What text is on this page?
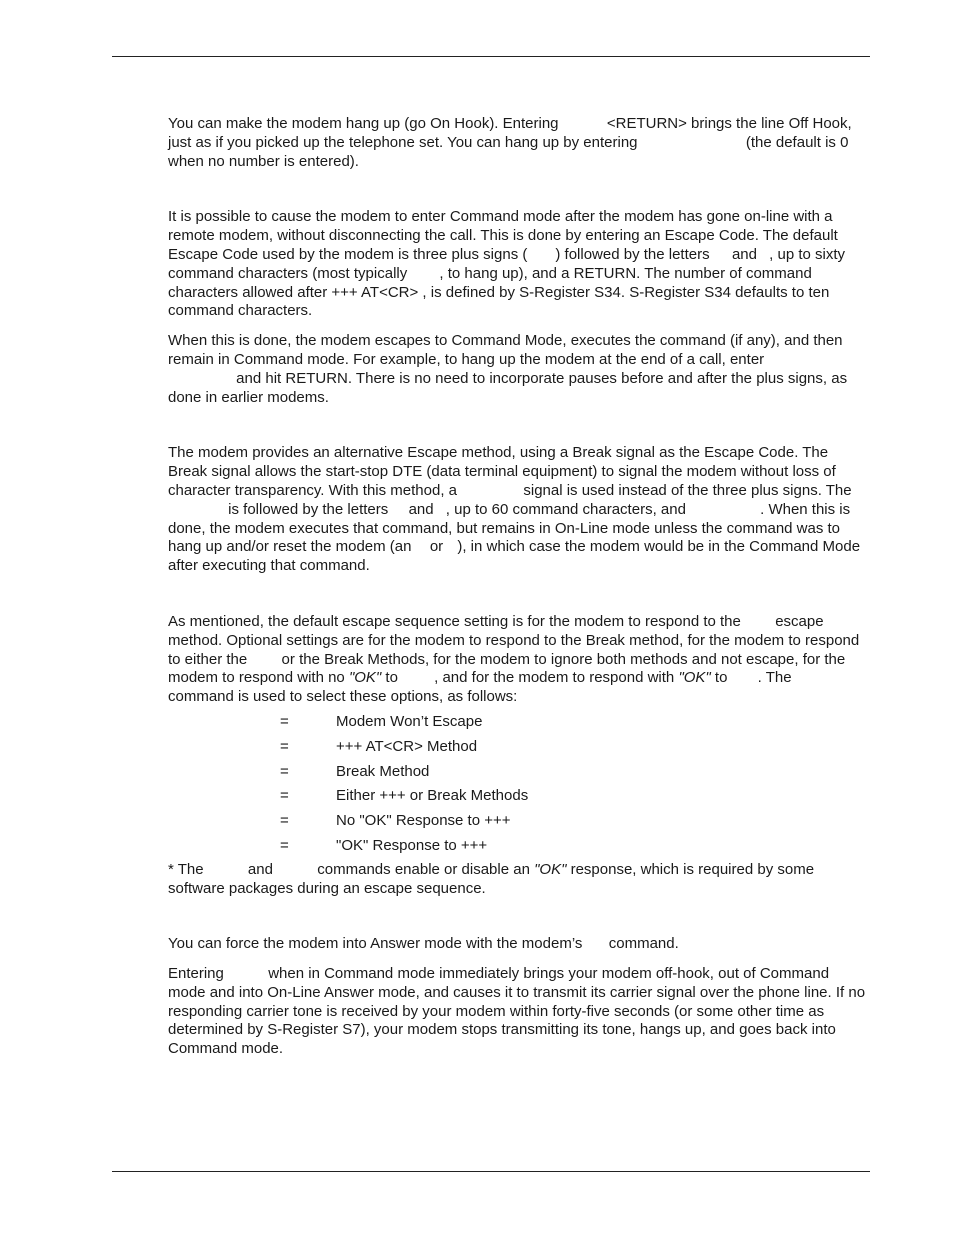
You can make the modem hang up (go On Hook). Entering	<RETURN> brings the line Off Hook, just as if you picked up the telephone set. You can hang up by entering	(the default is 0 when no number is entered).

It is possible to cause the modem to enter Command mode after the modem has gone on-line with a remote modem, without disconnecting the call. This is done by entering an Escape Code. The default Escape Code used by the modem is three plus signs ( ) followed by the letters  and , up to sixty command characters (most typically , to hang up), and a RETURN. The number of command characters allowed after +++ AT<CR> , is defined by S-Register S34. S-Register S34 defaults to ten command characters.

When this is done, the modem escapes to Command Mode, executes the command (if any), and then remain in Command mode. For example, to hang up the modem at the end of a call, enter
and hit RETURN. There is no need to incorporate pauses before and after the plus signs, as done in earlier modems.

The modem provides an alternative Escape method, using a Break signal as the Escape Code. The Break signal allows the start-stop DTE (data terminal equipment) to signal the modem without loss of character transparency. With this method, a	signal is used instead of the three plus signs. The  is followed by the letters  and , up to 60 command characters, and	. When this is done, the modem executes that command, but remains in On-Line mode unless the command was to hang up and/or reset the modem (an  or ), in which case the modem would be in the Command Mode after executing that command.

As mentioned, the default escape sequence setting is for the modem to respond to the  escape method. Optional settings are for the modem to respond to the Break method, for the modem to respond to either the  or the Break Methods, for the modem to ignore both methods and not escape, for the modem to respond with no "OK" to , and for the modem to respond with "OK" to . The  command is used to select these options, as follows:

=	Modem Won’t Escape
=	+++ AT<CR> Method
=	Break Method
=	Either +++ or Break Methods
=	No "OK" Response to +++
=	"OK" Response to +++

* The  and  commands enable or disable an "OK" response, which is required by some software packages during an escape sequence.

You can force the modem into Answer mode with the modem’s  command.

Entering  when in Command mode immediately brings your modem off-hook, out of Command mode and into On-Line Answer mode, and causes it to transmit its carrier signal over the phone line. If no responding carrier tone is received by your modem within forty-five seconds (or some other time as determined by S-Register S7), your modem stops transmitting its tone, hangs up, and goes back into Command mode.
